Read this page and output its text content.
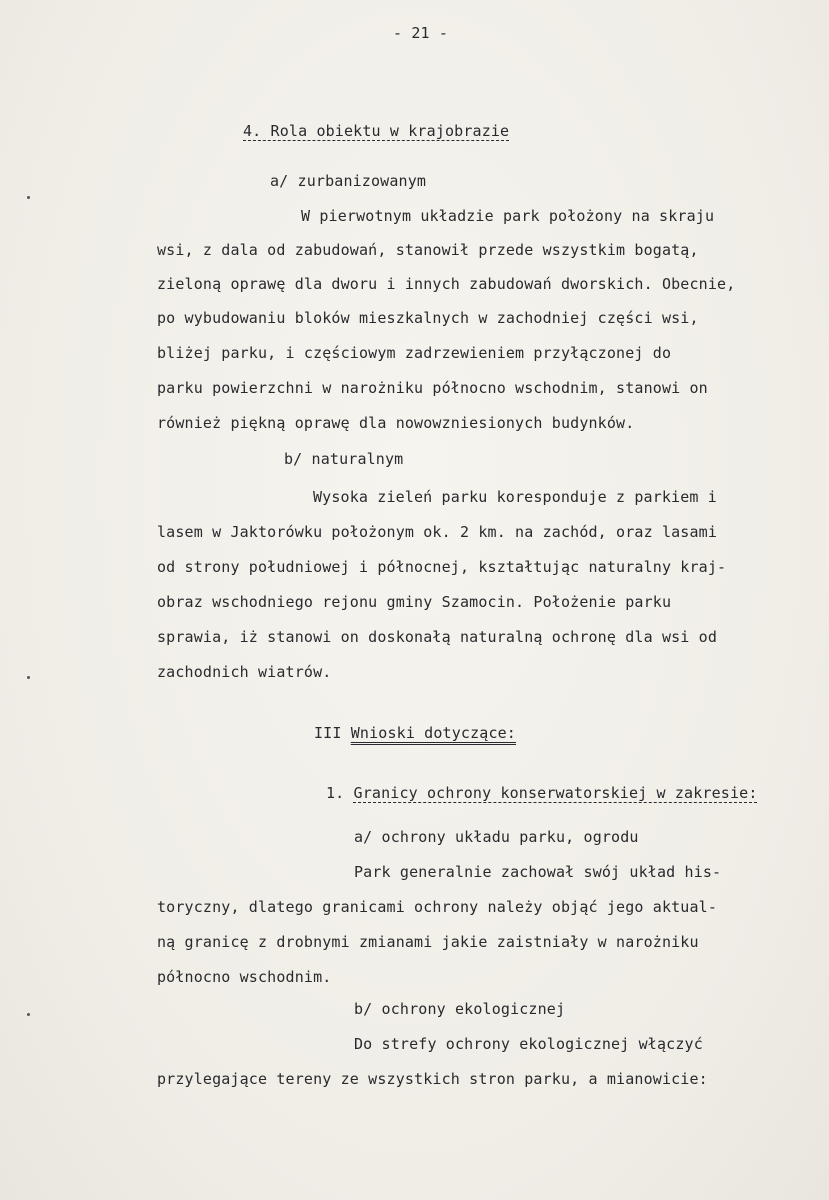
- 21 -
4. Rola obiektu w krajobrazie
a/ zurbanizowanym
W pierwotnym układzie park położony na skraju
wsi, z dala od zabudowań, stanowił przede wszystkim bogatą,
zieloną oprawę dla dworu i innych zabudowań dworskich. Obecnie,
po wybudowaniu bloków mieszkalnych w zachodniej części wsi,
bliżej parku, i częściowym zadrzewieniem przyłączonej do
parku powierzchni w narożniku północno wschodnim, stanowi on
również piękną oprawę dla nowowzniesionych budynków.
b/ naturalnym
Wysoka zieleń parku koresponduje z parkiem i
lasem w Jaktorówku położonym ok. 2 km. na zachód, oraz lasami
od strony południowej i północnej, kształtując naturalny kraj-
obraz wschodniego rejonu gminy Szamocin. Położenie parku
sprawia, iż stanowi on doskonałą naturalną ochronę dla wsi od
zachodnich wiatrów.
III Wnioski dotyczące:
1. Granicy ochrony konserwatorskiej w zakresie:
a/ ochrony układu parku, ogrodu
Park generalnie zachował swój układ his-
toryczny, dlatego granicami ochrony należy objąć jego aktual-
ną granicę z drobnymi zmianami jakie zaistniały w narożniku
północno wschodnim.
b/ ochrony ekologicznej
Do strefy ochrony ekologicznej włączyć
przylegające tereny ze wszystkich stron parku, a mianowicie:
